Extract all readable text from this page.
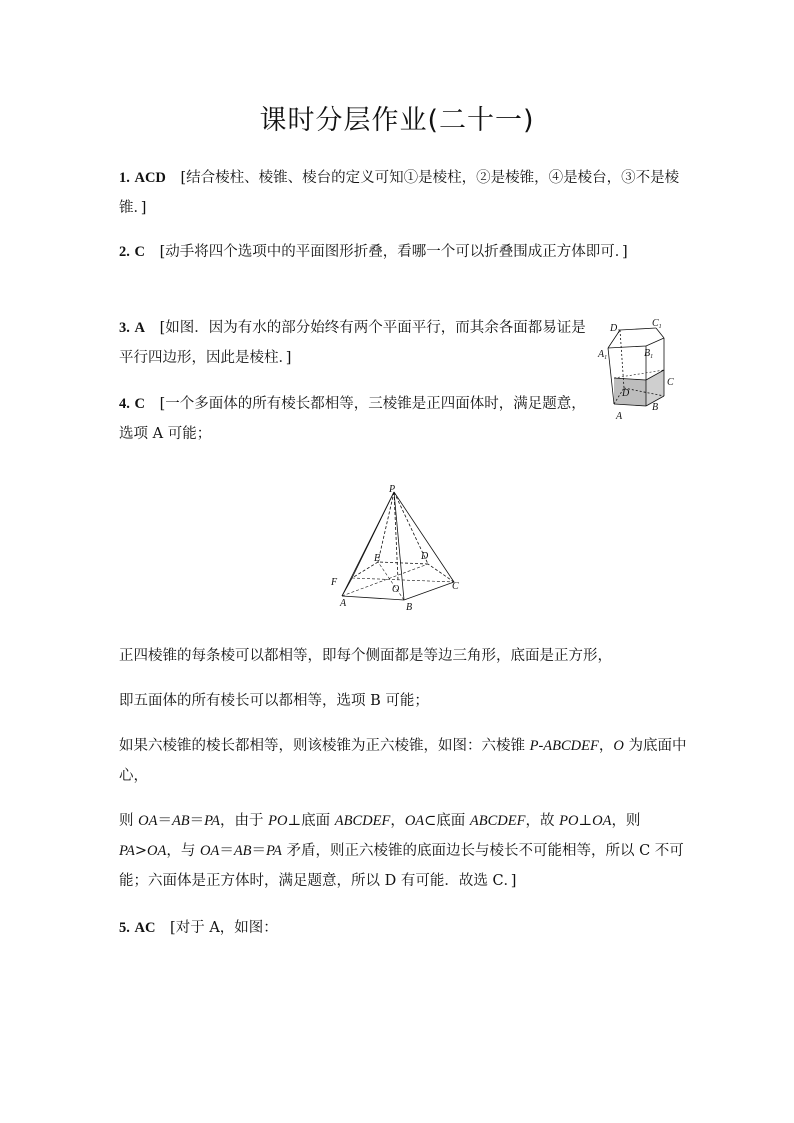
课时分层作业(二十一)
1. ACD [结合棱柱、棱锥、棱台的定义可知①是棱柱，②是棱锥，④是棱台，③不是棱锥．]
2. C [动手将四个选项中的平面图形折叠，看哪一个可以折叠围成正方体即可．]
3. A [如图．因为有水的部分始终有两个平面平行，而其余各面都易证是平行四边形，因此是棱柱．]
$D_1$
$C_1$
$A_1$	$B_1$
D
C
B
A
4. C [一个多面体的所有棱长都相等，三棱锥是正四面体时，满足题意，选项 A 可能；
P
E	D
F
O	C
A	B
正四棱锥的每条棱可以都相等，即每个侧面都是等边三角形，底面是正方形，
即五面体的所有棱长可以都相等，选项 B 可能；
如果六棱锥的棱长都相等，则该棱锥为正六棱锥，如图：六棱锥 P-ABCDEF，O 为底面中心，
则 OA＝AB＝PA，由于 PO⊥底面 ABCDEF，OA⊂底面 ABCDEF，故 PO⊥OA，则 PA>OA，与 OA＝AB＝PA 矛盾，则正六棱锥的底面边长与棱长不可能相等，所以 C 不可能；六面体是正方体时，满足题意，所以 D 有可能．故选 C．]
5. AC [对于 A，如图：
